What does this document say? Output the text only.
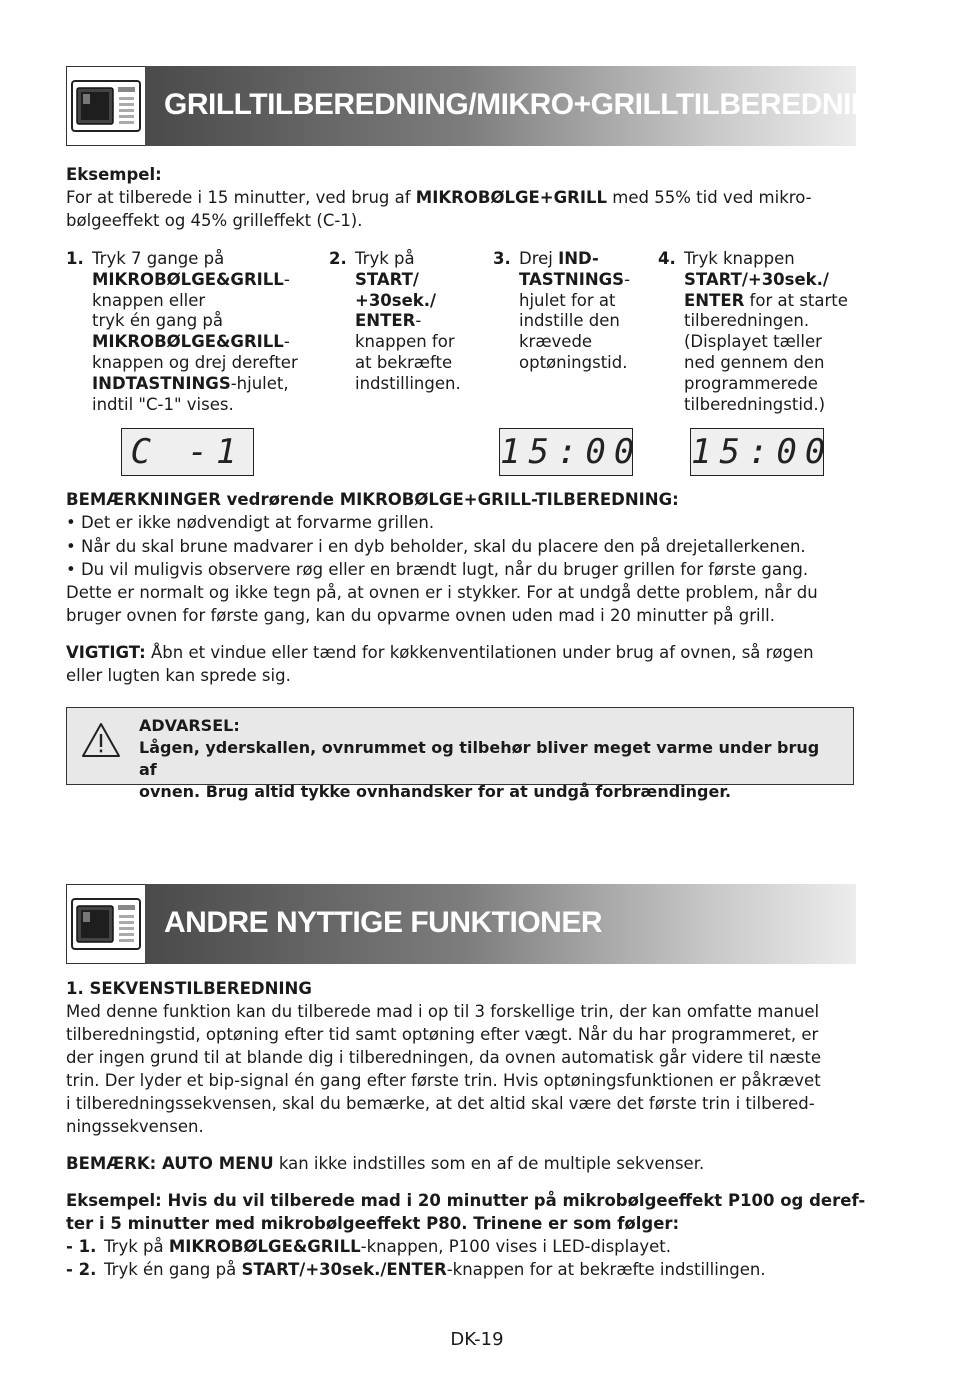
GRILLTILBEREDNING/MIKRO+GRILLTILBEREDNING
Eksempel:
For at tilberede i 15 minutter, ved brug af MIKROBØLGE+GRILL med 55% tid ved mikro-
bølgeeffekt og 45% grilleffekt (C-1).
1. Tryk 7 gange på
MIKROBØLGE&GRILL-
knappen eller
tryk én gang på
MIKROBØLGE&GRILL-
knappen og drej derefter
INDTASTNINGS-hjulet,
indtil "C-1" vises.
2. Tryk på
START/
+30sek./
ENTER-
knappen for
at bekræfte
indstillingen.
3. Drej IND-
TASTNINGS-
hjulet for at
indstille den
krævede
optøningstid.
4. Tryk knappen
START/+30sek./
ENTER for at starte
tilberedningen.
(Displayet tæller
ned gennem den
programmerede
tilberedningstid.)
C -1	15:00 15:00
BEMÆRKNINGER vedrørende MIKROBØLGE+GRILL-TILBEREDNING:
• Det er ikke nødvendigt at forvarme grillen.
• Når du skal brune madvarer i en dyb beholder, skal du placere den på drejetallerkenen.
• Du vil muligvis observere røg eller en brændt lugt, når du bruger grillen for første gang.
Dette er normalt og ikke tegn på, at ovnen er i stykker. For at undgå dette problem, når du
bruger ovnen for første gang, kan du opvarme ovnen uden mad i 20 minutter på grill.
VIGTIGT: Åbn et vindue eller tænd for køkkenventilationen under brug af ovnen, så røgen
eller lugten kan sprede sig.
ADVARSEL:
Lågen, yderskallen, ovnrummet og tilbehør bliver meget varme under brug af
ovnen. Brug altid tykke ovnhandsker for at undgå forbrændinger.
ANDRE NYTTIGE FUNKTIONER
1. SEKVENSTILBEREDNING
Med denne funktion kan du tilberede mad i op til 3 forskellige trin, der kan omfatte manuel
tilberedningstid, optøning efter tid samt optøning efter vægt. Når du har programmeret, er
der ingen grund til at blande dig i tilberedningen, da ovnen automatisk går videre til næste
trin. Der lyder et bip-signal én gang efter første trin. Hvis optøningsfunktionen er påkrævet
i tilberedningssekvensen, skal du bemærke, at det altid skal være det første trin i tilbered-
ningssekvensen.
BEMÆRK: AUTO MENU kan ikke indstilles som en af de multiple sekvenser.
Eksempel: Hvis du vil tilberede mad i 20 minutter på mikrobølgeeffekt P100 og deref-
ter i 5 minutter med mikrobølgeeffekt P80. Trinene er som følger:
- 1. Tryk på MIKROBØLGE&GRILL-knappen, P100 vises i LED-displayet.
- 2. Tryk én gang på START/+30sek./ENTER-knappen for at bekræfte indstillingen.
DK-19
